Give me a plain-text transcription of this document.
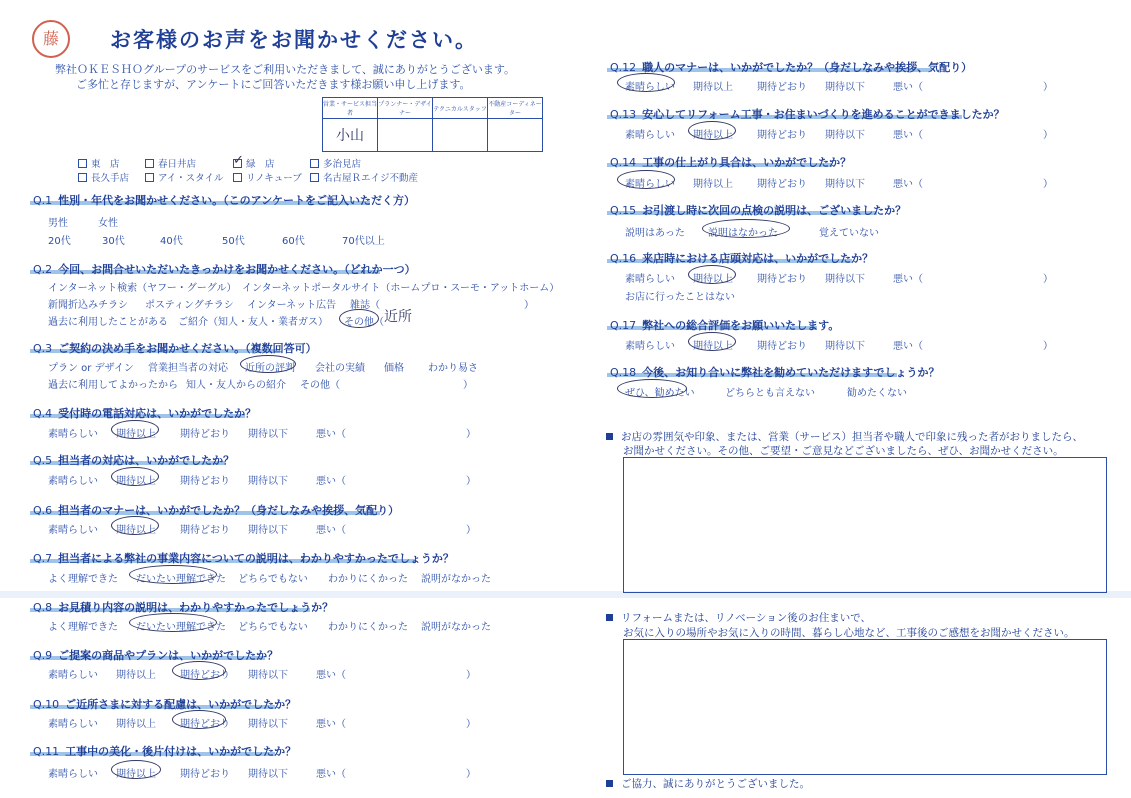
藤	お客様のお声をお聞かせください。
弊社ＯＫＥＳＨＯグループのサービスをご利用いただきまして、誠にありがとうございます。
ご多忙と存じますが、アンケートにご回答いただきます様お願い申し上げます。
営業・サービス担当者	プランナー・デザイナー	テクニカルスタッフ	不動産コーディネーター
小山			
東　店	春日井店	✓ 緑　店	多治見店
長久手店	アイ・スタイル	リノキューブ	名古屋Ｒエイジ不動産
Q.1 性別・年代をお聞かせください。（このアンケートをご記入いただく方）
男性	女性
20代	30代	40代	50代	60代	70代以上
Q.2 今回、お問合せいただいたきっかけをお聞かせください。（どれか一つ）
インターネット検索（ヤフー・グーグル） インターネットポータルサイト（ホームプロ・スーモ・アットホーム）
新聞折込みチラシ ポスティングチラシ インターネット広告 雑誌（	）
過去に利用したことがある ご紹介（知人・友人・業者ガス） その他（ 近所
Q.3 ご契約の決め手をお聞かせください。（複数回答可）
プラン or デザイン 営業担当者の対応 近所の評判 会社の実績 価格 わかり易さ
過去に利用してよかったから 知人・友人からの紹介 その他（	）
Q.4 受付時の電話対応は、いかがでしたか？
素晴らしい 期待以上 期待どおり 期待以下	悪い（	）
Q.5 担当者の対応は、いかがでしたか？
素晴らしい 期待以上 期待どおり 期待以下	悪い（	）
Q.6 担当者のマナーは、いかがでしたか？（身だしなみや挨拶、気配り）
素晴らしい 期待以上 期待どおり 期待以下	悪い（	）
Q.7 担当者による弊社の事業内容についての説明は、わかりやすかったでしょうか？
よく理解できた だいたい理解できた どちらでもない わかりにくかった 説明がなかった
Q.8 お見積り内容の説明は、わかりやすかったでしょうか？
よく理解できた だいたい理解できた どちらでもない わかりにくかった 説明がなかった
Q.9 ご提案の商品やプランは、いかがでしたか？
素晴らしい 期待以上 期待どおり 期待以下	悪い（	）
Q.10 ご近所さまに対する配慮は、いかがでしたか？
素晴らしい 期待以上 期待どおり 期待以下	悪い（	）
Q.11 工事中の美化・後片付けは、いかがでしたか？
素晴らしい 期待以上 期待どおり 期待以下	悪い（	）
Q.12 職人のマナーは、いかがでしたか？（身だしなみや挨拶、気配り）
素晴らしい 期待以上 期待どおり 期待以下	悪い（	）
Q.13 安心してリフォーム工事・お住まいづくりを進めることができましたか？
素晴らしい 期待以上 期待どおり 期待以下	悪い（	）
Q.14 工事の仕上がり具合は、いかがでしたか？
素晴らしい 期待以上 期待どおり 期待以下	悪い（	）
Q.15 お引渡し時に次回の点検の説明は、ございましたか？
説明はあった 説明はなかった	覚えていない
Q.16 来店時における店頭対応は、いかがでしたか？
素晴らしい 期待以上 期待どおり 期待以下	悪い（	）
お店に行ったことはない
Q.17 弊社への総合評価をお願いいたします。
素晴らしい 期待以上 期待どおり 期待以下	悪い（	）
Q.18 今後、お知り合いに弊社を勧めていただけますでしょうか？
ぜひ、勧めたい	どちらとも言えない	勧めたくない
お店の雰囲気や印象、または、営業（サービス）担当者や職人で印象に残った者がおりましたら、
お聞かせください。その他、ご要望・ご意見などございましたら、ぜひ、お聞かせください。
リフォームまたは、リノベーション後のお住まいで、
お気に入りの場所やお気に入りの時間、暮らし心地など、工事後のご感想をお聞かせください。
ご協力、誠にありがとうございました。
